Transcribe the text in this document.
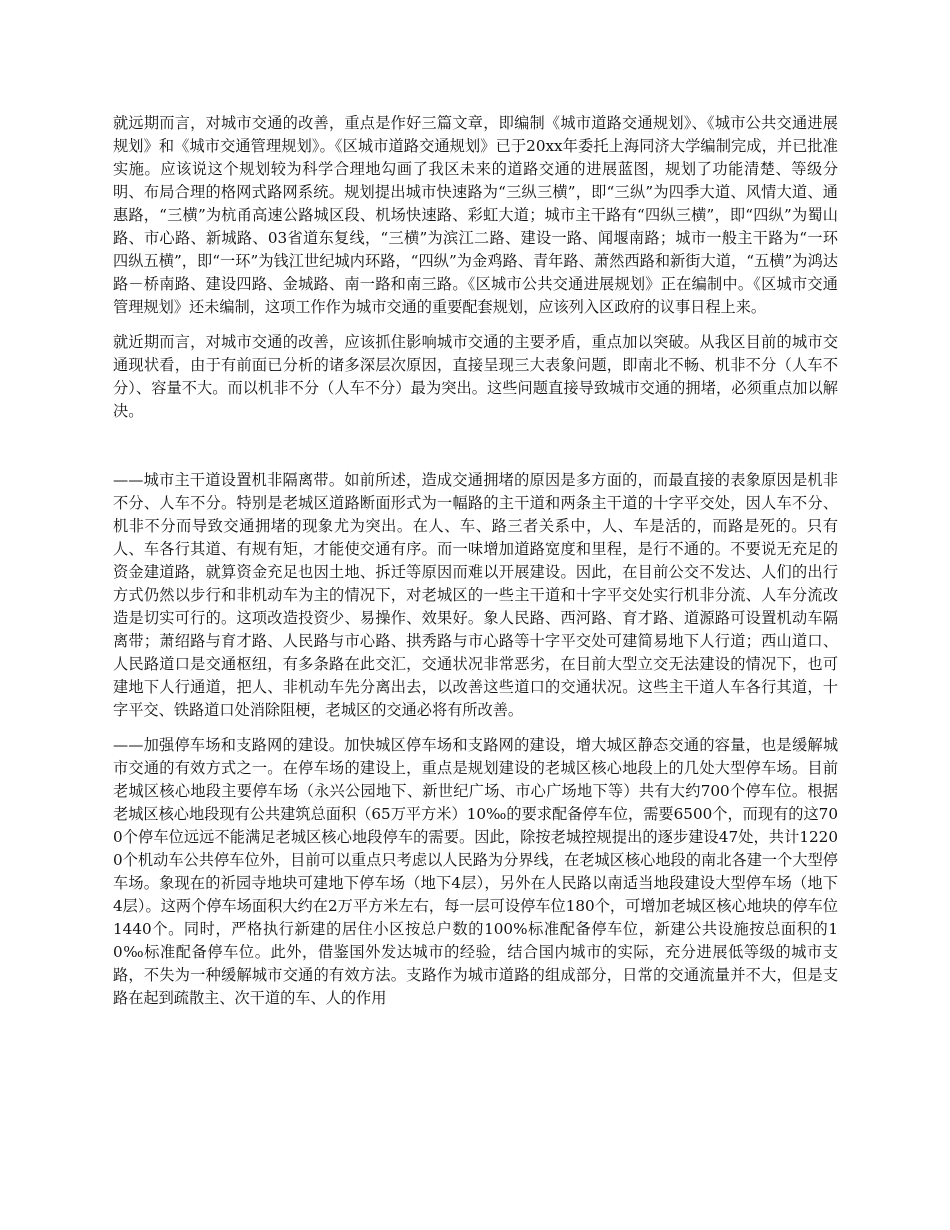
就远期而言，对城市交通的改善，重点是作好三篇文章，即编制《城市道路交通规划》、《城市公共交通进展规划》和《城市交通管理规划》。《区城市道路交通规划》已于20xx年委托上海同济大学编制完成，并已批准实施。应该说这个规划较为科学合理地勾画了我区未来的道路交通的进展蓝图，规划了功能清楚、等级分明、布局合理的格网式路网系统。规划提出城市快速路为“三纵三横”，即“三纵”为四季大道、风情大道、通惠路，“三横”为杭甬高速公路城区段、机场快速路、彩虹大道；城市主干路有“四纵三横”，即“四纵”为蜀山路、市心路、新城路、03省道东复线，“三横”为滨江二路、建设一路、闻堰南路；城市一般主干路为“一环四纵五横”，即“一环”为钱江世纪城内环路，“四纵”为金鸡路、青年路、萧然西路和新街大道，“五横”为鸿达路－桥南路、建设四路、金城路、南一路和南三路。《区城市公共交通进展规划》正在编制中。《区城市交通管理规划》还未编制，这项工作作为城市交通的重要配套规划，应该列入区政府的议事日程上来。

就近期而言，对城市交通的改善，应该抓住影响城市交通的主要矛盾，重点加以突破。从我区目前的城市交通现状看，由于有前面已分析的诸多深层次原因，直接呈现三大表象问题，即南北不畅、机非不分（人车不分）、容量不大。而以机非不分（人车不分）最为突出。这些问题直接导致城市交通的拥堵，必须重点加以解决。

——城市主干道设置机非隔离带。如前所述，造成交通拥堵的原因是多方面的，而最直接的表象原因是机非不分、人车不分。特别是老城区道路断面形式为一幅路的主干道和两条主干道的十字平交处，因人车不分、机非不分而导致交通拥堵的现象尤为突出。在人、车、路三者关系中，人、车是活的，而路是死的。只有人、车各行其道、有规有矩，才能使交通有序。而一味增加道路宽度和里程，是行不通的。不要说无充足的资金建道路，就算资金充足也因土地、拆迁等原因而难以开展建设。因此，在目前公交不发达、人们的出行方式仍然以步行和非机动车为主的情况下，对老城区的一些主干道和十字平交处实行机非分流、人车分流改造是切实可行的。这项改造投资少、易操作、效果好。象人民路、西河路、育才路、道源路可设置机动车隔离带；萧绍路与育才路、人民路与市心路、拱秀路与市心路等十字平交处可建简易地下人行道；西山道口、人民路道口是交通枢纽，有多条路在此交汇，交通状况非常恶劣，在目前大型立交无法建设的情况下，也可建地下人行通道，把人、非机动车先分离出去，以改善这些道口的交通状况。这些主干道人车各行其道，十字平交、铁路道口处消除阻梗，老城区的交通必将有所改善。

——加强停车场和支路网的建设。加快城区停车场和支路网的建设，增大城区静态交通的容量，也是缓解城市交通的有效方式之一。在停车场的建设上，重点是规划建设的老城区核心地段上的几处大型停车场。目前老城区核心地段主要停车场（永兴公园地下、新世纪广场、市心广场地下等）共有大约700个停车位。根据老城区核心地段现有公共建筑总面积（65万平方米）10‰的要求配备停车位，需要6500个，而现有的这700个停车位远远不能满足老城区核心地段停车的需要。因此，除按老城控规提出的逐步建设47处，共计12200个机动车公共停车位外，目前可以重点只考虑以人民路为分界线，在老城区核心地段的南北各建一个大型停车场。象现在的祈园寺地块可建地下停车场（地下4层），另外在人民路以南适当地段建设大型停车场（地下4层）。这两个停车场面积大约在2万平方米左右，每一层可设停车位180个，可增加老城区核心地块的停车位1440个。同时，严格执行新建的居住小区按总户数的100%标准配备停车位，新建公共设施按总面积的10‰标准配备停车位。此外，借鉴国外发达城市的经验，结合国内城市的实际，充分进展低等级的城市支路，不失为一种缓解城市交通的有效方法。支路作为城市道路的组成部分，日常的交通流量并不大，但是支路在起到疏散主、次干道的车、人的作用
